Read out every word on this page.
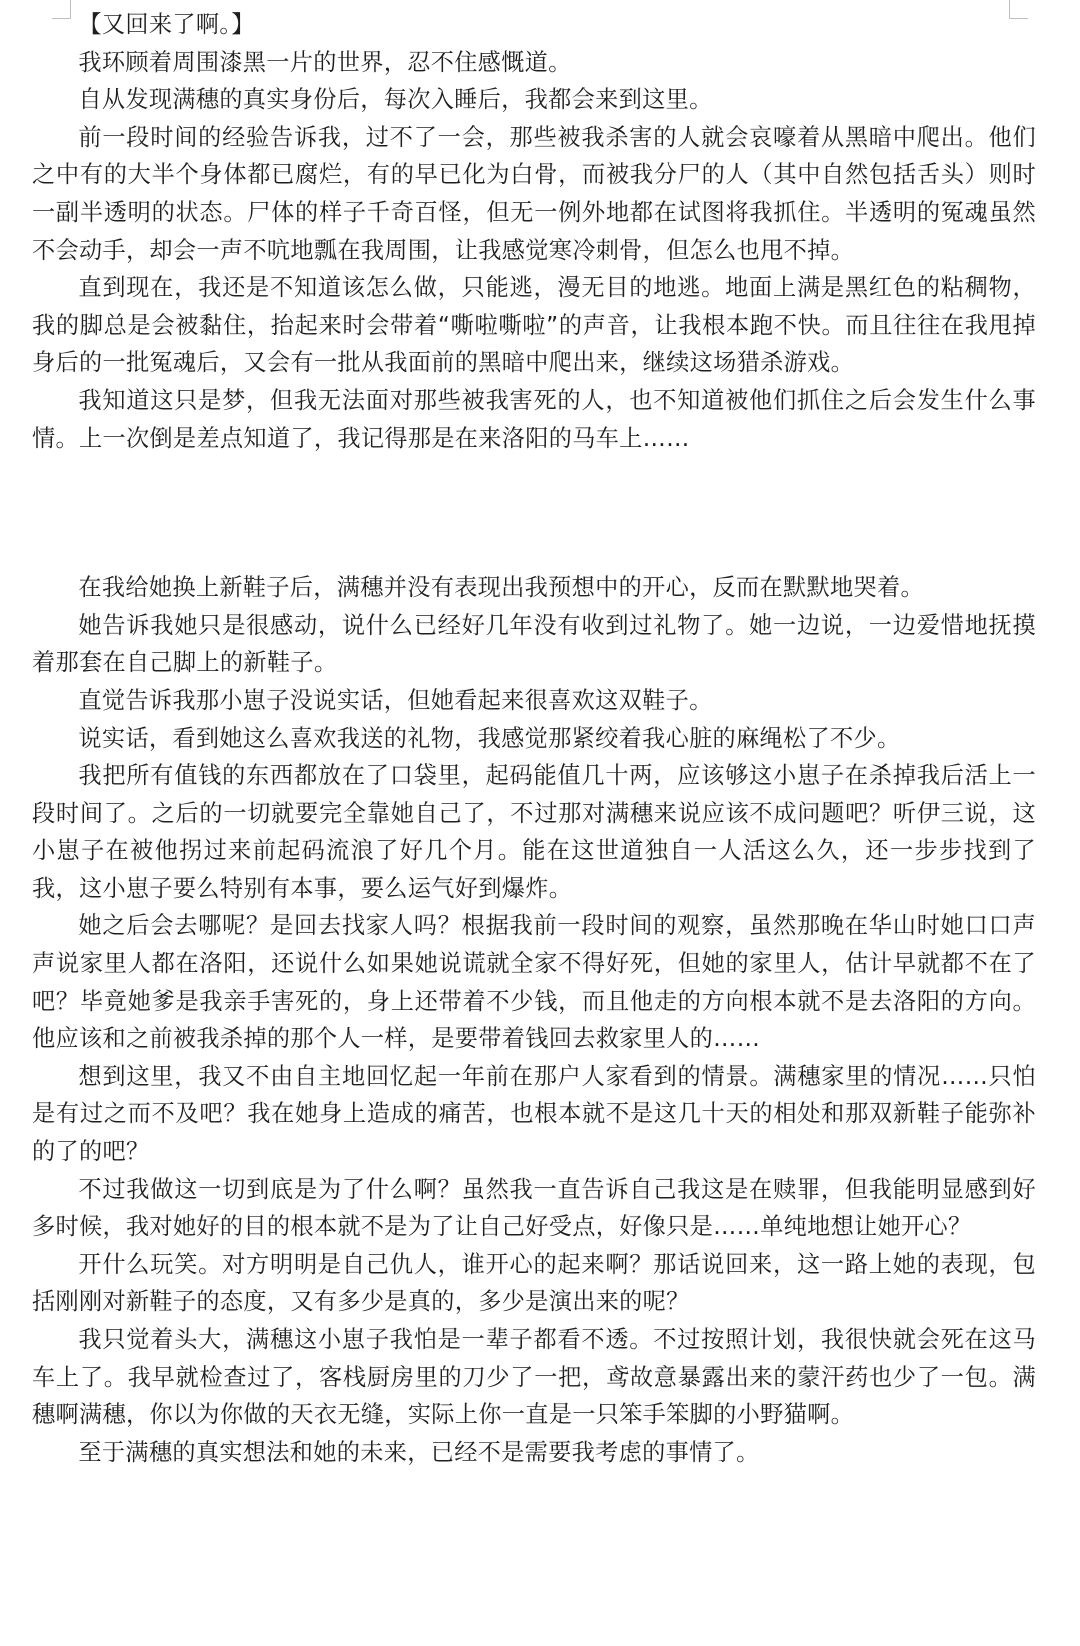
【又回来了啊。】

我环顾着周围漆黑一片的世界，忍不住感慨道。

自从发现满穗的真实身份后，每次入睡后，我都会来到这里。

前一段时间的经验告诉我，过不了一会，那些被我杀害的人就会哀嚎着从黑暗中爬出。他们之中有的大半个身体都已腐烂，有的早已化为白骨，而被我分尸的人（其中自然包括舌头）则时一副半透明的状态。尸体的样子千奇百怪，但无一例外地都在试图将我抓住。半透明的冤魂虽然不会动手，却会一声不吭地瓢在我周围，让我感觉寒冷刺骨，但怎么也甩不掉。

直到现在，我还是不知道该怎么做，只能逃，漫无目的地逃。地面上满是黑红色的粘稠物，我的脚总是会被黏住，抬起来时会带着“嘶啦嘶啦”的声音，让我根本跑不快。而且往往在我甩掉身后的一批冤魂后，又会有一批从我面前的黑暗中爬出来，继续这场猎杀游戏。

我知道这只是梦，但我无法面对那些被我害死的人，也不知道被他们抓住之后会发生什么事情。上一次倒是差点知道了，我记得那是在来洛阳的马车上……

在我给她换上新鞋子后，满穗并没有表现出我预想中的开心，反而在默默地哭着。

她告诉我她只是很感动，说什么已经好几年没有收到过礼物了。她一边说，一边爱惜地抚摸着那套在自己脚上的新鞋子。

直觉告诉我那小崽子没说实话，但她看起来很喜欢这双鞋子。

说实话，看到她这么喜欢我送的礼物，我感觉那紧绞着我心脏的麻绳松了不少。

我把所有值钱的东西都放在了口袋里，起码能值几十两，应该够这小崽子在杀掉我后活上一段时间了。之后的一切就要完全靠她自己了，不过那对满穗来说应该不成问题吧？听伊三说，这小崽子在被他拐过来前起码流浪了好几个月。能在这世道独自一人活这么久，还一步步找到了我，这小崽子要么特别有本事，要么运气好到爆炸。

她之后会去哪呢？是回去找家人吗？根据我前一段时间的观察，虽然那晚在华山时她口口声声说家里人都在洛阳，还说什么如果她说谎就全家不得好死，但她的家里人，估计早就都不在了吧？毕竟她爹是我亲手害死的，身上还带着不少钱，而且他走的方向根本就不是去洛阳的方向。他应该和之前被我杀掉的那个人一样，是要带着钱回去救家里人的……

想到这里，我又不由自主地回忆起一年前在那户人家看到的情景。满穗家里的情况……只怕是有过之而不及吧？我在她身上造成的痛苦，也根本就不是这几十天的相处和那双新鞋子能弥补的了的吧？

不过我做这一切到底是为了什么啊？虽然我一直告诉自己我这是在赎罪，但我能明显感到好多时候，我对她好的目的根本就不是为了让自己好受点，好像只是……单纯地想让她开心？

开什么玩笑。对方明明是自己仇人，谁开心的起来啊？那话说回来，这一路上她的表现，包括刚刚对新鞋子的态度，又有多少是真的，多少是演出来的呢？

我只觉着头大，满穗这小崽子我怕是一辈子都看不透。不过按照计划，我很快就会死在这马车上了。我早就检查过了，客栈厨房里的刀少了一把，鸢故意暴露出来的蒙汗药也少了一包。满穗啊满穗，你以为你做的天衣无缝，实际上你一直是一只笨手笨脚的小野猫啊。

至于满穗的真实想法和她的未来，已经不是需要我考虑的事情了。
